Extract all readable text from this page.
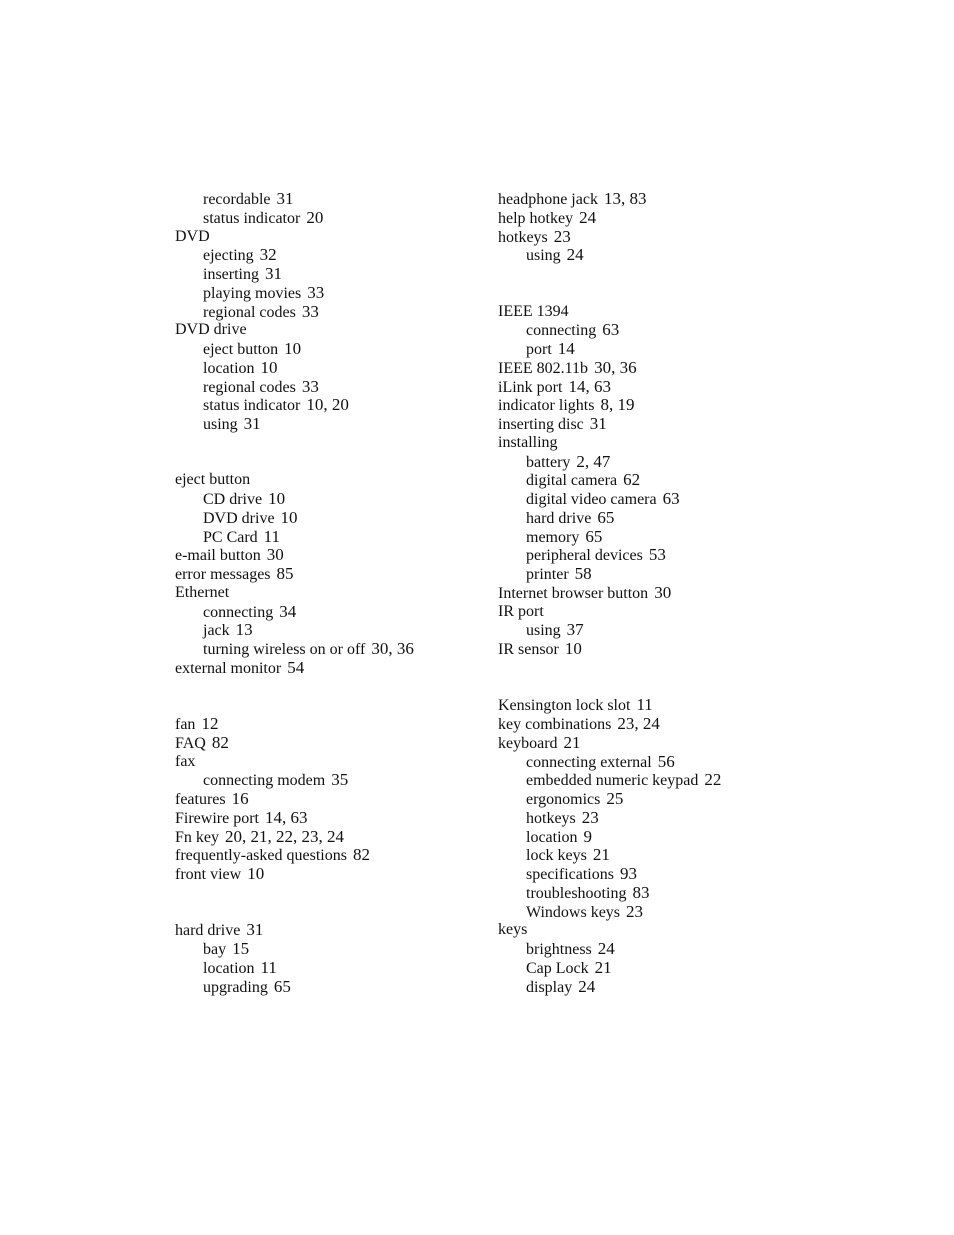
recordable 31
status indicator 20
DVD
ejecting 32
inserting 31
playing movies 33
regional codes 33
DVD drive
eject button 10
location 10
regional codes 33
status indicator 10, 20
using 31
eject button
CD drive 10
DVD drive 10
PC Card 11
e-mail button 30
error messages 85
Ethernet
connecting 34
jack 13
turning wireless on or off 30, 36
external monitor 54
fan 12
FAQ 82
fax
connecting modem 35
features 16
Firewire port 14, 63
Fn key 20, 21, 22, 23, 24
frequently-asked questions 82
front view 10
hard drive 31
bay 15
location 11
upgrading 65
headphone jack 13, 83
help hotkey 24
hotkeys 23
using 24
IEEE 1394
connecting 63
port 14
IEEE 802.11b 30, 36
iLink port 14, 63
indicator lights 8, 19
inserting disc 31
installing
battery 2, 47
digital camera 62
digital video camera 63
hard drive 65
memory 65
peripheral devices 53
printer 58
Internet browser button 30
IR port
using 37
IR sensor 10
Kensington lock slot 11
key combinations 23, 24
keyboard 21
connecting external 56
embedded numeric keypad 22
ergonomics 25
hotkeys 23
location 9
lock keys 21
specifications 93
troubleshooting 83
Windows keys 23
keys
brightness 24
Cap Lock 21
display 24
